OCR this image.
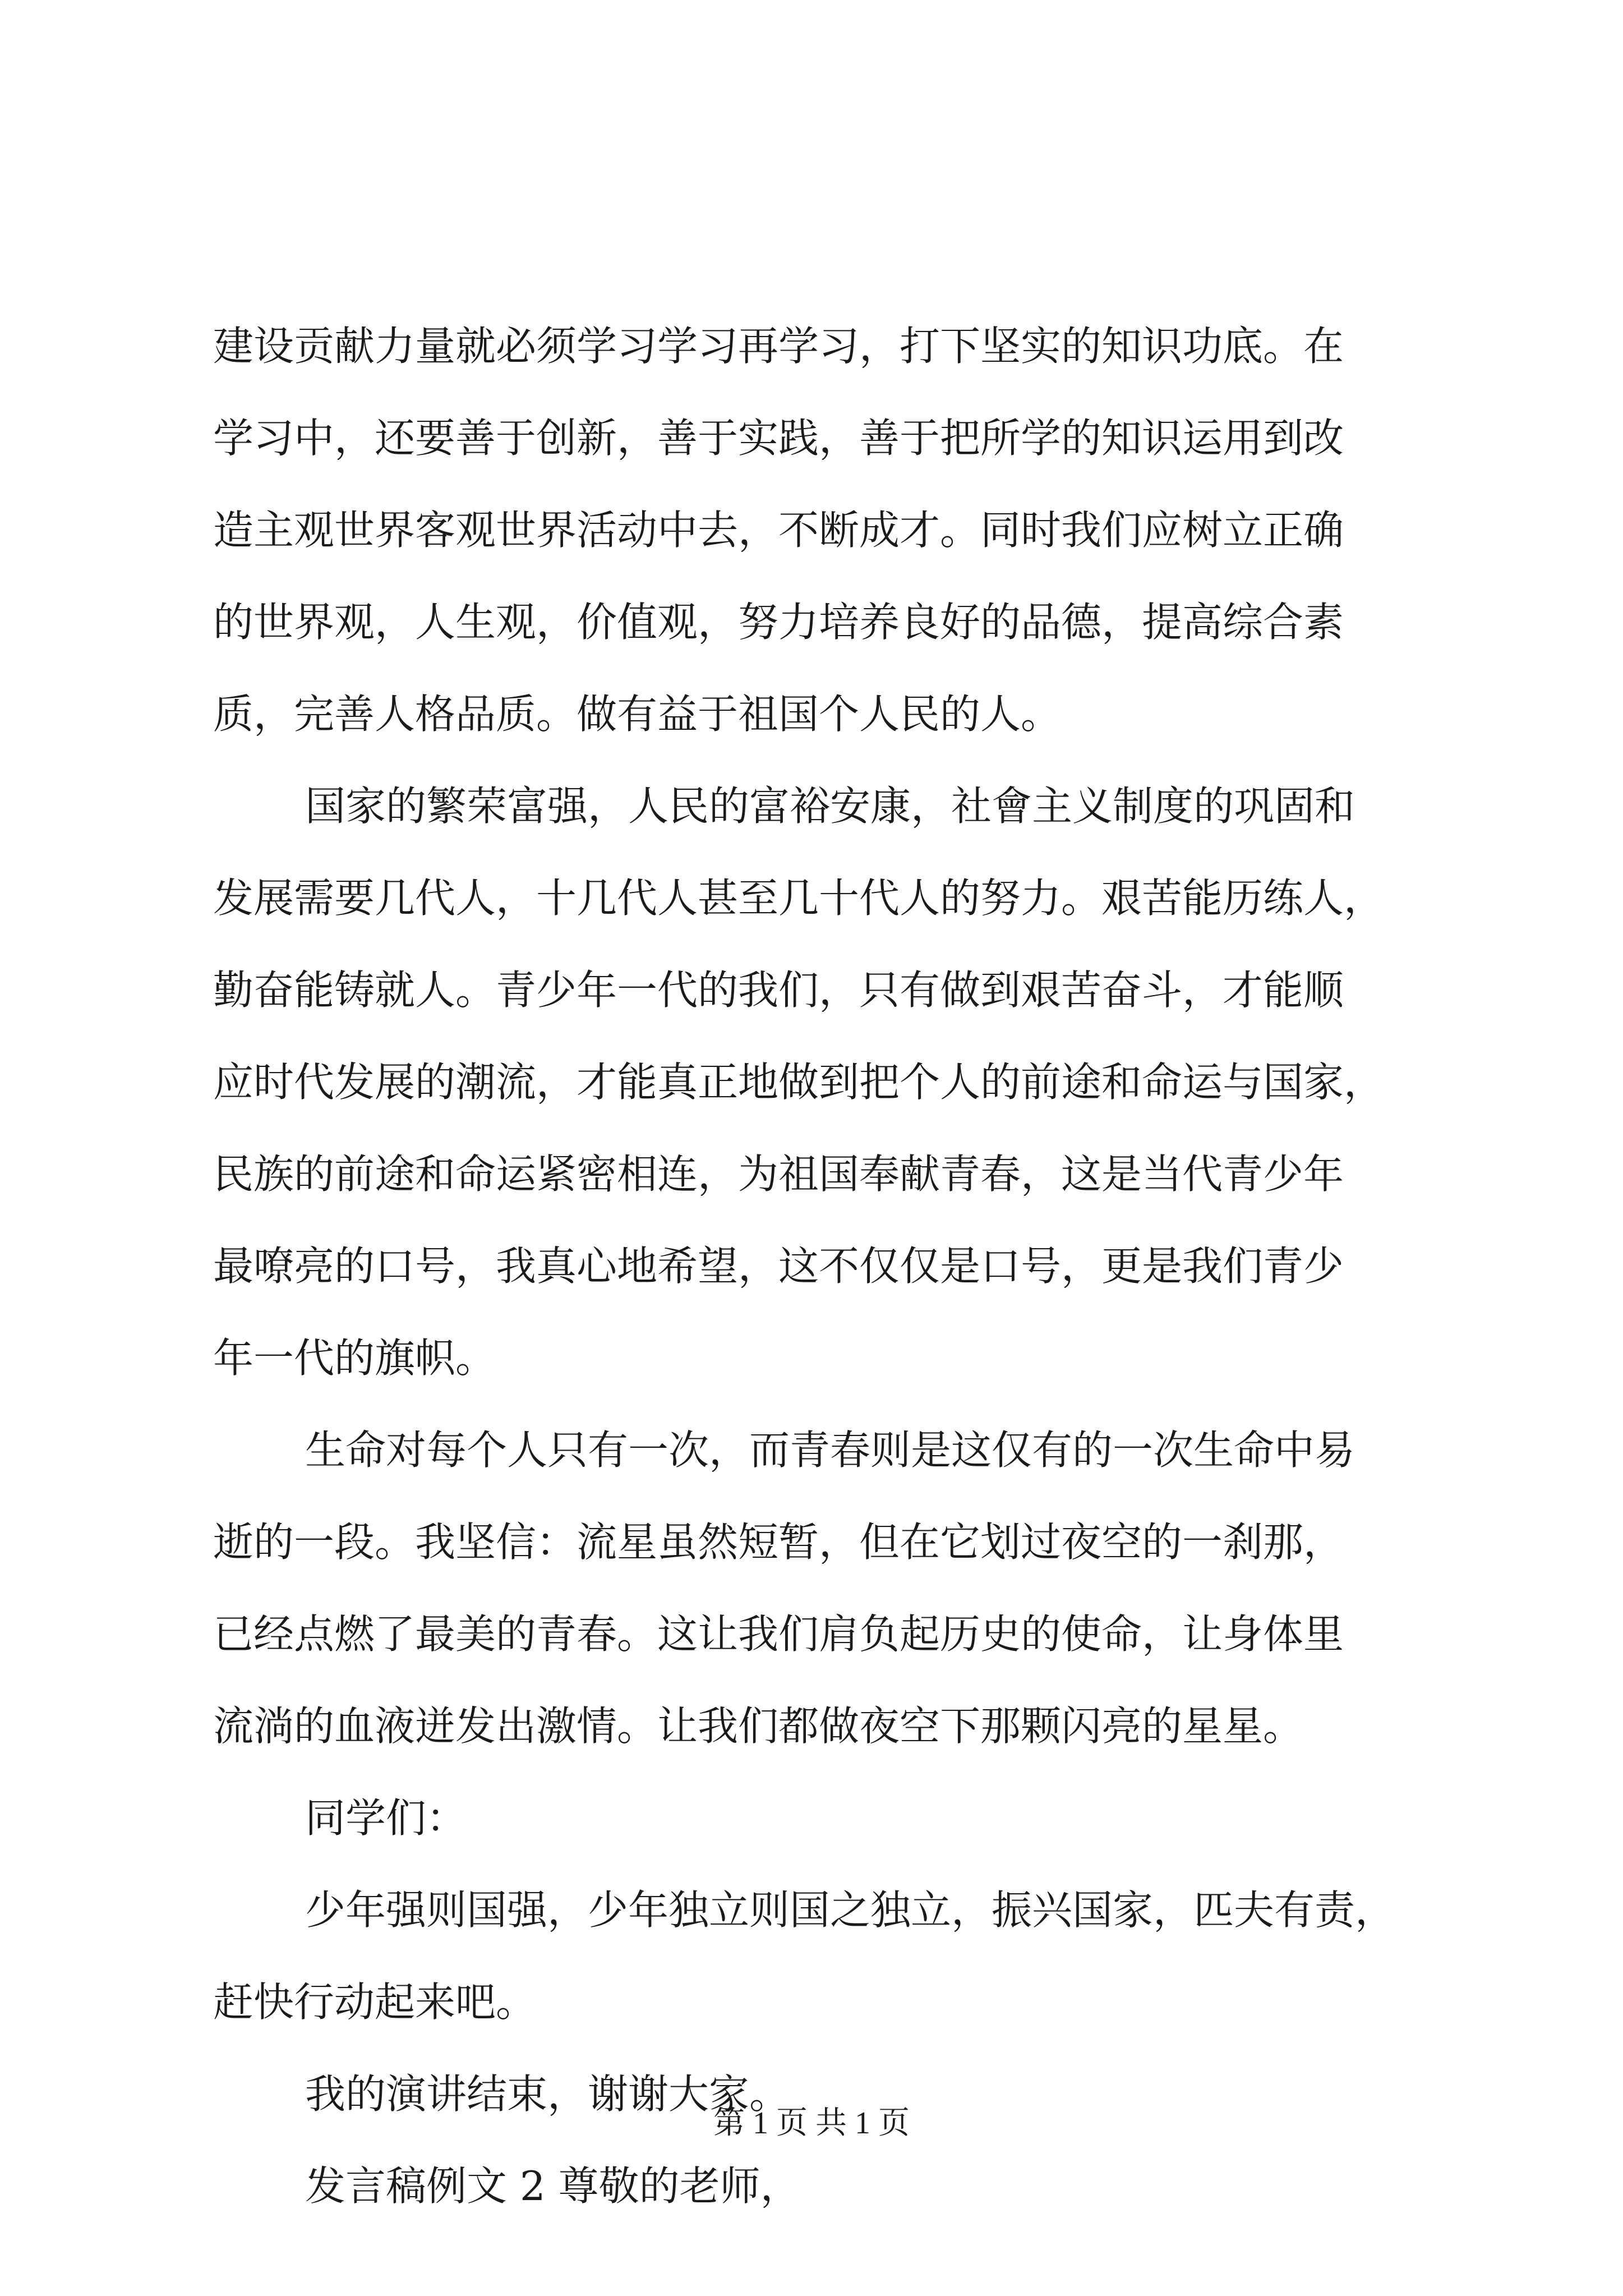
建设贡献力量就必须学习学习再学习，打下坚实的知识功底。在
学习中，还要善于创新，善于实践，善于把所学的知识运用到改
造主观世界客观世界活动中去，不断成才。同时我们应树立正确
的世界观，人生观，价值观，努力培养良好的品德，提高综合素
质，完善人格品质。做有益于祖国个人民的人。
国家的繁荣富强，人民的富裕安康，社會主义制度的巩固和
发展需要几代人，十几代人甚至几十代人的努力。艰苦能历练人，
勤奋能铸就人。青少年一代的我们，只有做到艰苦奋斗，才能顺
应时代发展的潮流，才能真正地做到把个人的前途和命运与国家，
民族的前途和命运紧密相连，为祖国奉献青春，这是当代青少年
最嘹亮的口号，我真心地希望，这不仅仅是口号，更是我们青少
年一代的旗帜。
生命对每个人只有一次，而青春则是这仅有的一次生命中易
逝的一段。我坚信：流星虽然短暂，但在它划过夜空的一刹那，
已经点燃了最美的青春。这让我们肩负起历史的使命，让身体里
流淌的血液迸发出激情。让我们都做夜空下那颗闪亮的星星。
同学们：
少年强则国强，少年独立则国之独立，振兴国家，匹夫有责，
赶快行动起来吧。
我的演讲结束，谢谢大家。
发言稿例文 2 尊敬的老师，
第 1 页 共 1 页
